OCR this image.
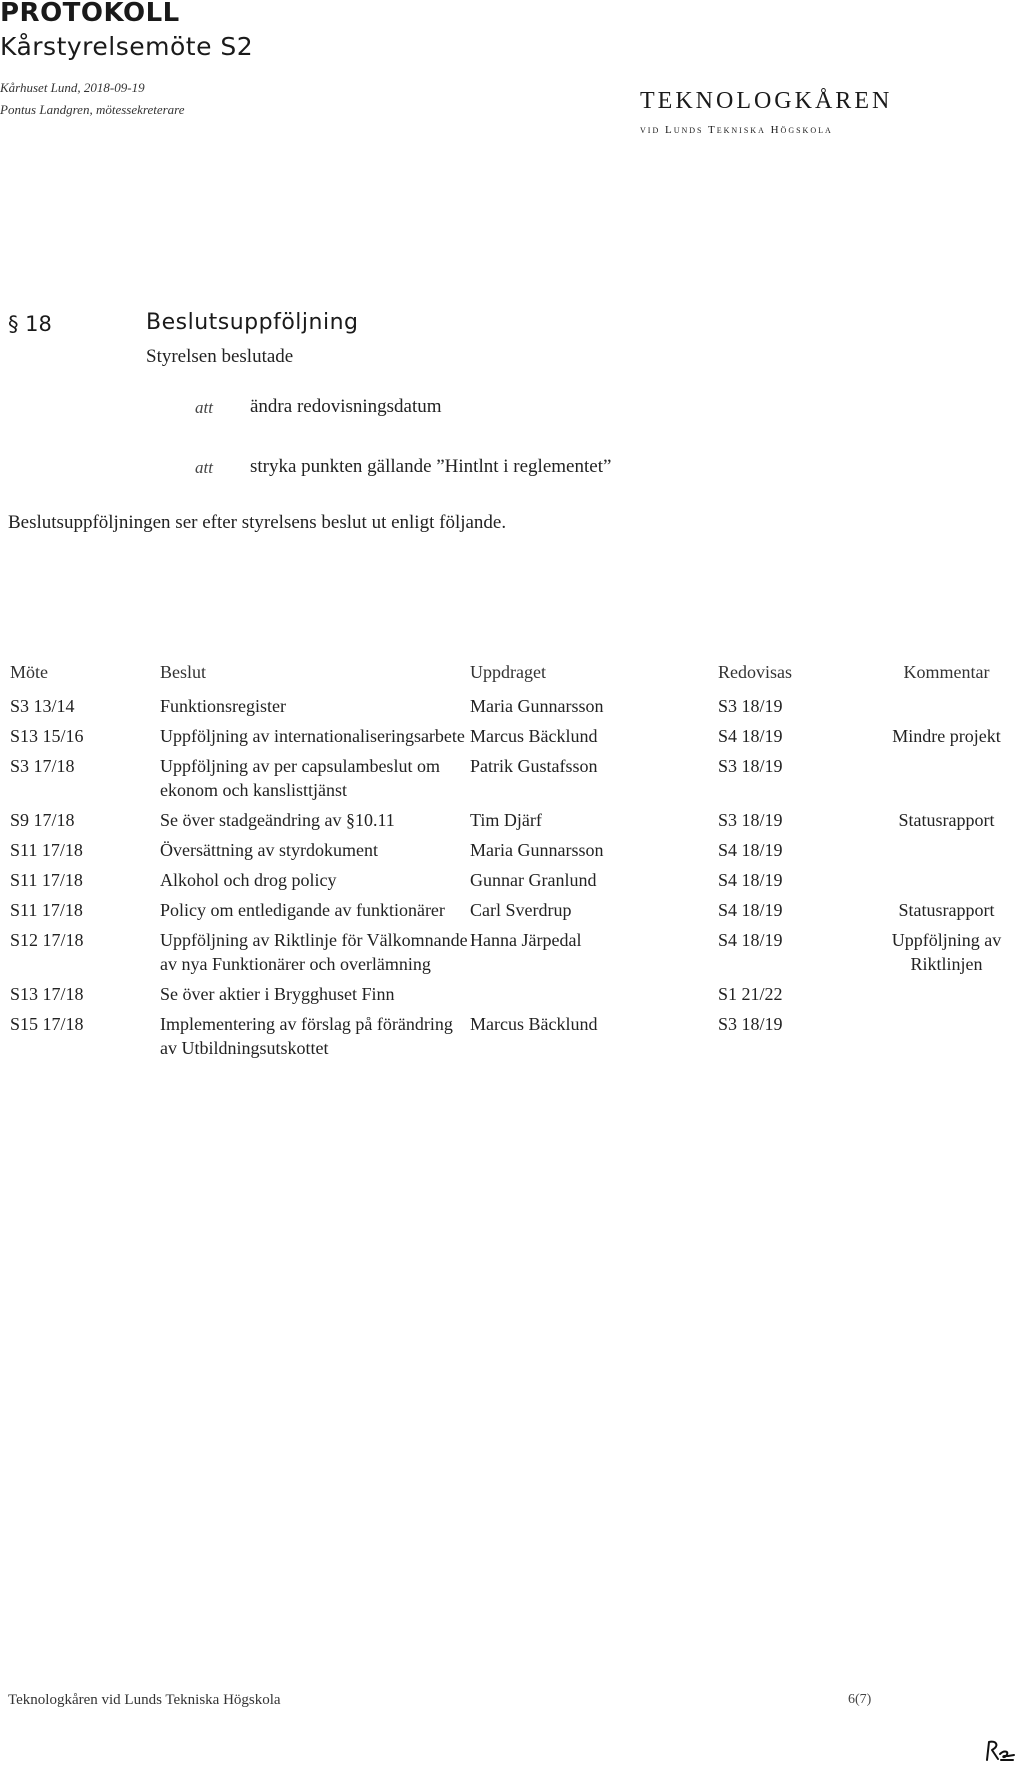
PROTOKOLL
Kårstyrelsemöte S2
Kårhuset Lund, 2018-09-19
Pontus Landgren, mötessekreterare	TEKNOLOGKÅREN
vid Lunds Tekniska Högskola
§ 18	Beslutsuppföljning
Styrelsen beslutade
att ändra redovisningsdatum
att stryka punkten gällande ”Hintlnt i reglementet”
Beslutsuppföljningen ser efter styrelsens beslut ut enligt följande.
Möte	Beslut	Uppdraget	Redovisas	Kommentar
S3 13/14	Funktionsregister	Maria Gunnarsson	S3 18/19	
S13 15/16	Uppföljning av internationaliseringsarbete	Marcus Bäcklund	S4 18/19	Mindre projekt
S3 17/18	Uppföljning av per capsulambeslut om ekonom och kanslisttjänst	Patrik Gustafsson	S3 18/19	
S9 17/18	Se över stadgeändring av §10.11	Tim Djärf	S3 18/19	Statusrapport
S11 17/18	Översättning av styrdokument	Maria Gunnarsson	S4 18/19	
S11 17/18	Alkohol och drog policy	Gunnar Granlund	S4 18/19	
S11 17/18	Policy om entledigande av funktionärer	Carl Sverdrup	S4 18/19	Statusrapport
S12 17/18	Uppföljning av Riktlinje för Välkomnande av nya Funktionärer och overlämning	Hanna Järpedal	S4 18/19	Uppföljning av Riktlinjen
S13 17/18	Se över aktier i Brygghuset Finn		S1 21/22	
S15 17/18	Implementering av förslag på förändring av Utbildningsutskottet	Marcus Bäcklund	S3 18/19	
Teknologkåren vid Lunds Tekniska Högskola	6(7)
